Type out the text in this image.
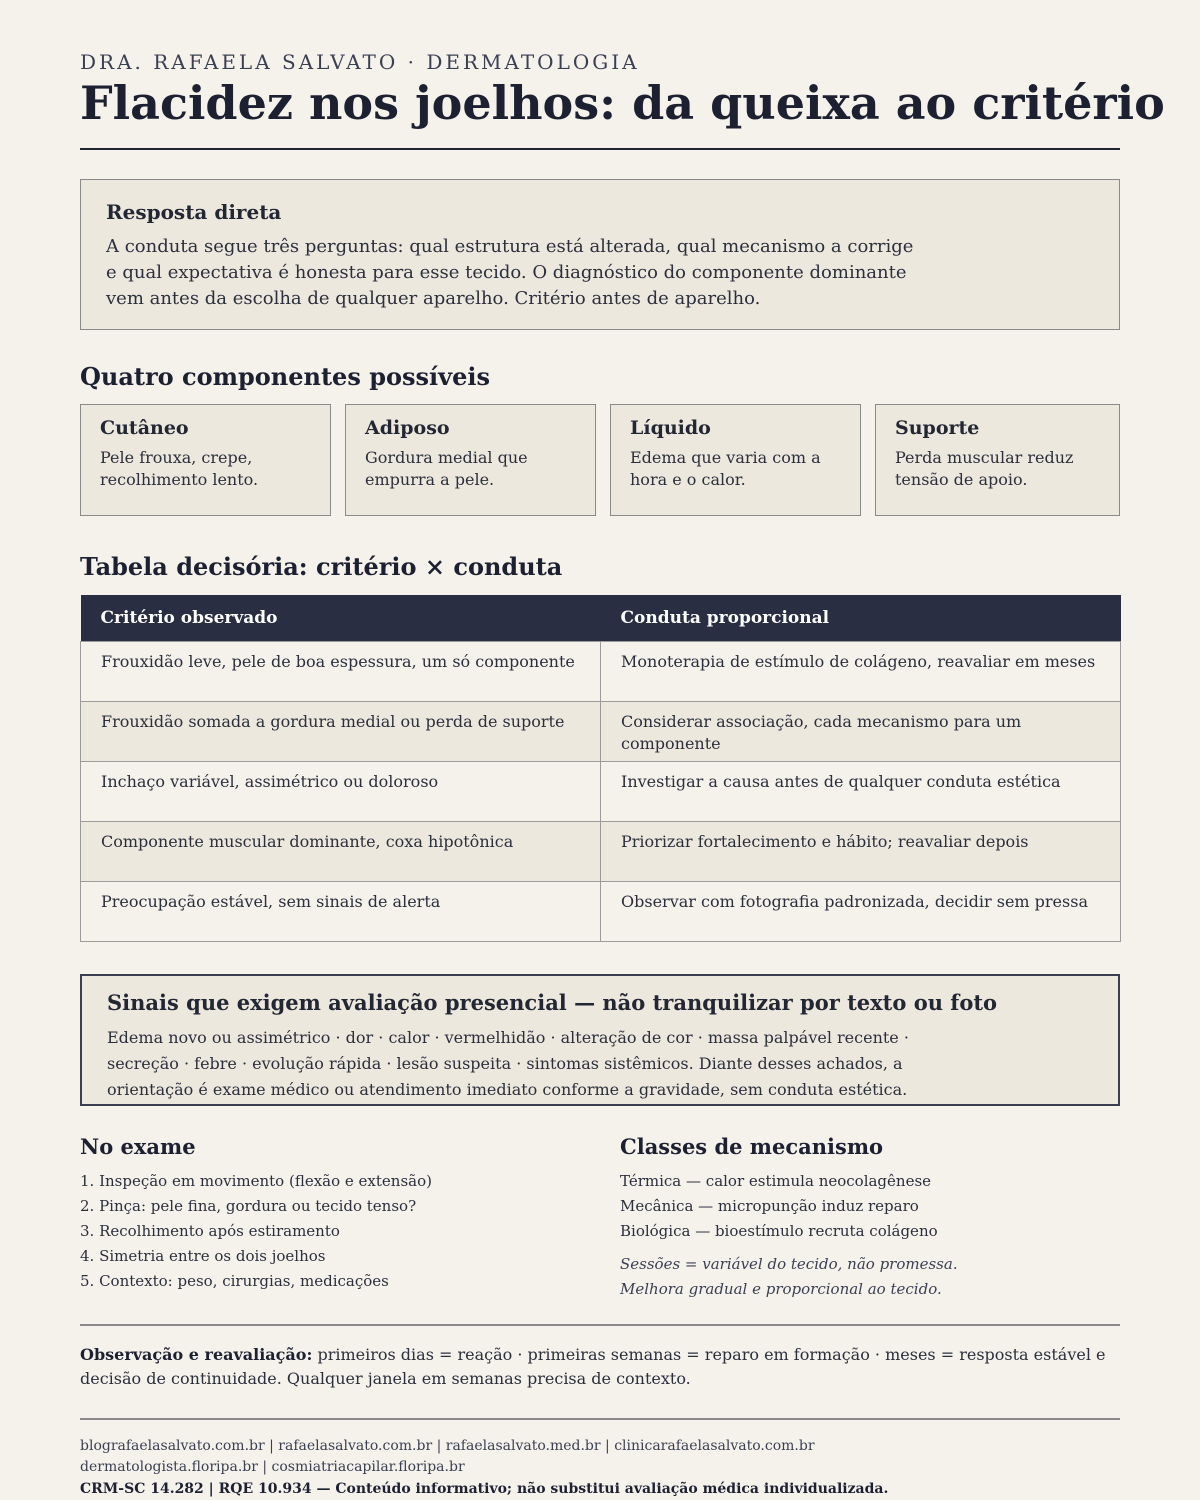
DRA. RAFAELA SALVATO · DERMATOLOGIA
Flacidez nos joelhos: da queixa ao critério
Resposta direta

A conduta segue três perguntas: qual estrutura está alterada, qual mecanismo a corrige e qual expectativa é honesta para esse tecido. O diagnóstico do componente dominante vem antes da escolha de qualquer aparelho. Critério antes de aparelho.

Quatro componentes possíveis
Cutâneo

Pele frouxa, crepe, recolhimento lento.

Adiposo

Gordura medial que empurra a pele.

Líquido

Edema que varia com a hora e o calor.

Suporte

Perda muscular reduz tensão de apoio.

Tabela decisória: critério × conduta
Critério observado	Conduta proporcional
Frouxidão leve, pele de boa espessura, um só componente	Monoterapia de estímulo de colágeno, reavaliar em meses
Frouxidão somada a gordura medial ou perda de suporte	Considerar associação, cada mecanismo para um componente
Inchaço variável, assimétrico ou doloroso	Investigar a causa antes de qualquer conduta estética
Componente muscular dominante, coxa hipotônica	Priorizar fortalecimento e hábito; reavaliar depois
Preocupação estável, sem sinais de alerta	Observar com fotografia padronizada, decidir sem pressa
Sinais que exigem avaliação presencial — não tranquilizar por texto ou foto

Edema novo ou assimétrico · dor · calor · vermelhidão · alteração de cor · massa palpável recente · secreção · febre · evolução rápida · lesão suspeita · sintomas sistêmicos. Diante desses achados, a orientação é exame médico ou atendimento imediato conforme a gravidade, sem conduta estética.

No exame
1. Inspeção em movimento (flexão e extensão)
2. Pinça: pele fina, gordura ou tecido tenso?
3. Recolhimento após estiramento
4. Simetria entre os dois joelhos
5. Contexto: peso, cirurgias, medicações
Classes de mecanismo
Térmica — calor estimula neocolagênese
Mecânica — micropunção induz reparo
Biológica — bioestímulo recruta colágeno
Sessões = variável do tecido, não promessa.
Melhora gradual e proporcional ao tecido.

Observação e reavaliação: primeiros dias = reação · primeiras semanas = reparo em formação · meses = resposta estável e decisão de continuidade. Qualquer janela em semanas precisa de contexto.

blografaelasalvato.com.br | rafaelasalvato.com.br | rafaelasalvato.med.br | clinicarafaelasalvato.com.br
dermatologista.floripa.br | cosmiatriacapilar.floripa.br
CRM-SC 14.282 | RQE 10.934 — Conteúdo informativo; não substitui avaliação médica individualizada.
